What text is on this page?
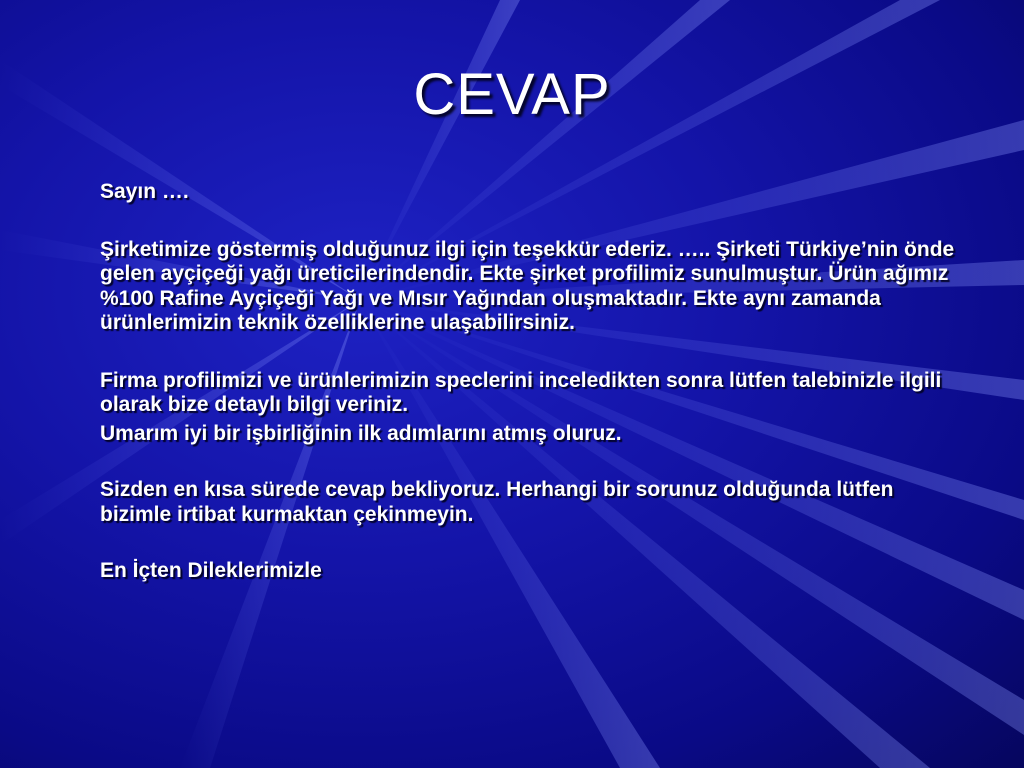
CEVAP

Sayın ….

Şirketimize göstermiş olduğunuz ilgi için teşekkür ederiz. ….. Şirketi Türkiye’nin önde gelen ayçiçeği yağı üreticilerindendir. Ekte şirket profilimiz sunulmuştur. Ürün ağımız %100 Rafine Ayçiçeği Yağı ve Mısır Yağından oluşmaktadır. Ekte aynı zamanda ürünlerimizin teknik özelliklerine ulaşabilirsiniz.

Firma profilimizi ve ürünlerimizin speclerini inceledikten sonra lütfen talebinizle ilgili olarak bize detaylı bilgi veriniz.

Umarım iyi bir işbirliğinin ilk adımlarını atmış oluruz.

Sizden en kısa sürede cevap bekliyoruz. Herhangi bir sorunuz olduğunda lütfen bizimle irtibat kurmaktan çekinmeyin.

En İçten Dileklerimizle
